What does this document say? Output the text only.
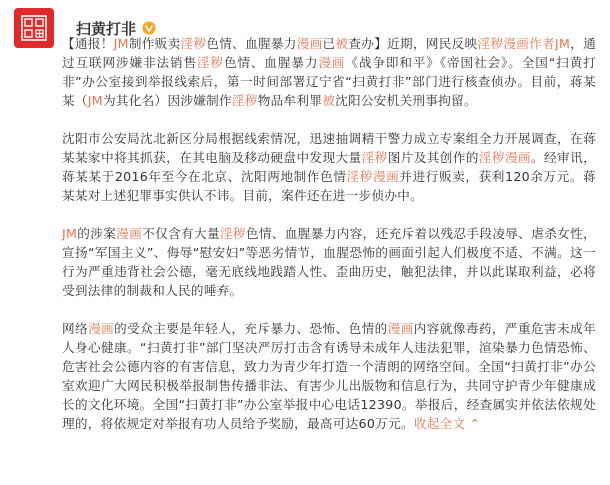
扫黄打非

【通报！JM制作贩卖淫秽色情、血腥暴力漫画已被查办】近期，网民反映淫秽漫画作者JM，通过互联网涉嫌非法销售淫秽色情、血腥暴力漫画《战争即和平》《帝国社会》。全国“扫黄打非”办公室接到举报线索后，第一时间部署辽宁省“扫黄打非”部门进行核查侦办。目前，蒋某某（JM为其化名）因涉嫌制作淫秽物品牟利罪被沈阳公安机关刑事拘留。

沈阳市公安局沈北新区分局根据线索情况，迅速抽调精干警力成立专案组全力开展调查，在蒋某某家中将其抓获，在其电脑及移动硬盘中发现大量淫秽图片及其创作的淫秽漫画。经审讯，蒋某某于2016年至今在北京、沈阳两地制作色情淫秽漫画并进行贩卖，获利120余万元。蒋某某对上述犯罪事实供认不讳。目前，案件还在进一步侦办中。

JM的涉案漫画不仅含有大量淫秽色情、血腥暴力内容，还充斥着以残忍手段凌辱、虐杀女性，宣扬“军国主义”、侮辱“慰安妇”等恶劣情节，血腥恐怖的画面引起人们极度不适、不满。这一行为严重违背社会公德，毫无底线地践踏人性、歪曲历史，触犯法律，并以此谋取利益，必将受到法律的制裁和人民的唾弃。

网络漫画的受众主要是年轻人，充斥暴力、恐怖、色情的漫画内容就像毒药，严重危害未成年人身心健康。“扫黄打非”部门坚决严厉打击含有诱导未成年人违法犯罪，渲染暴力色情恐怖、危害社会公德内容的有害信息，致力为青少年打造一个清朗的网络空间。全国“扫黄打非”办公室欢迎广大网民积极举报制售传播非法、有害少儿出版物和信息行为，共同守护青少年健康成长的文化环境。全国“扫黄打非”办公室举报中心电话12390。举报后，经查属实并依法依规处理的，将依规定对举报有功人员给予奖励，最高可达60万元。收起全文 ⌃
